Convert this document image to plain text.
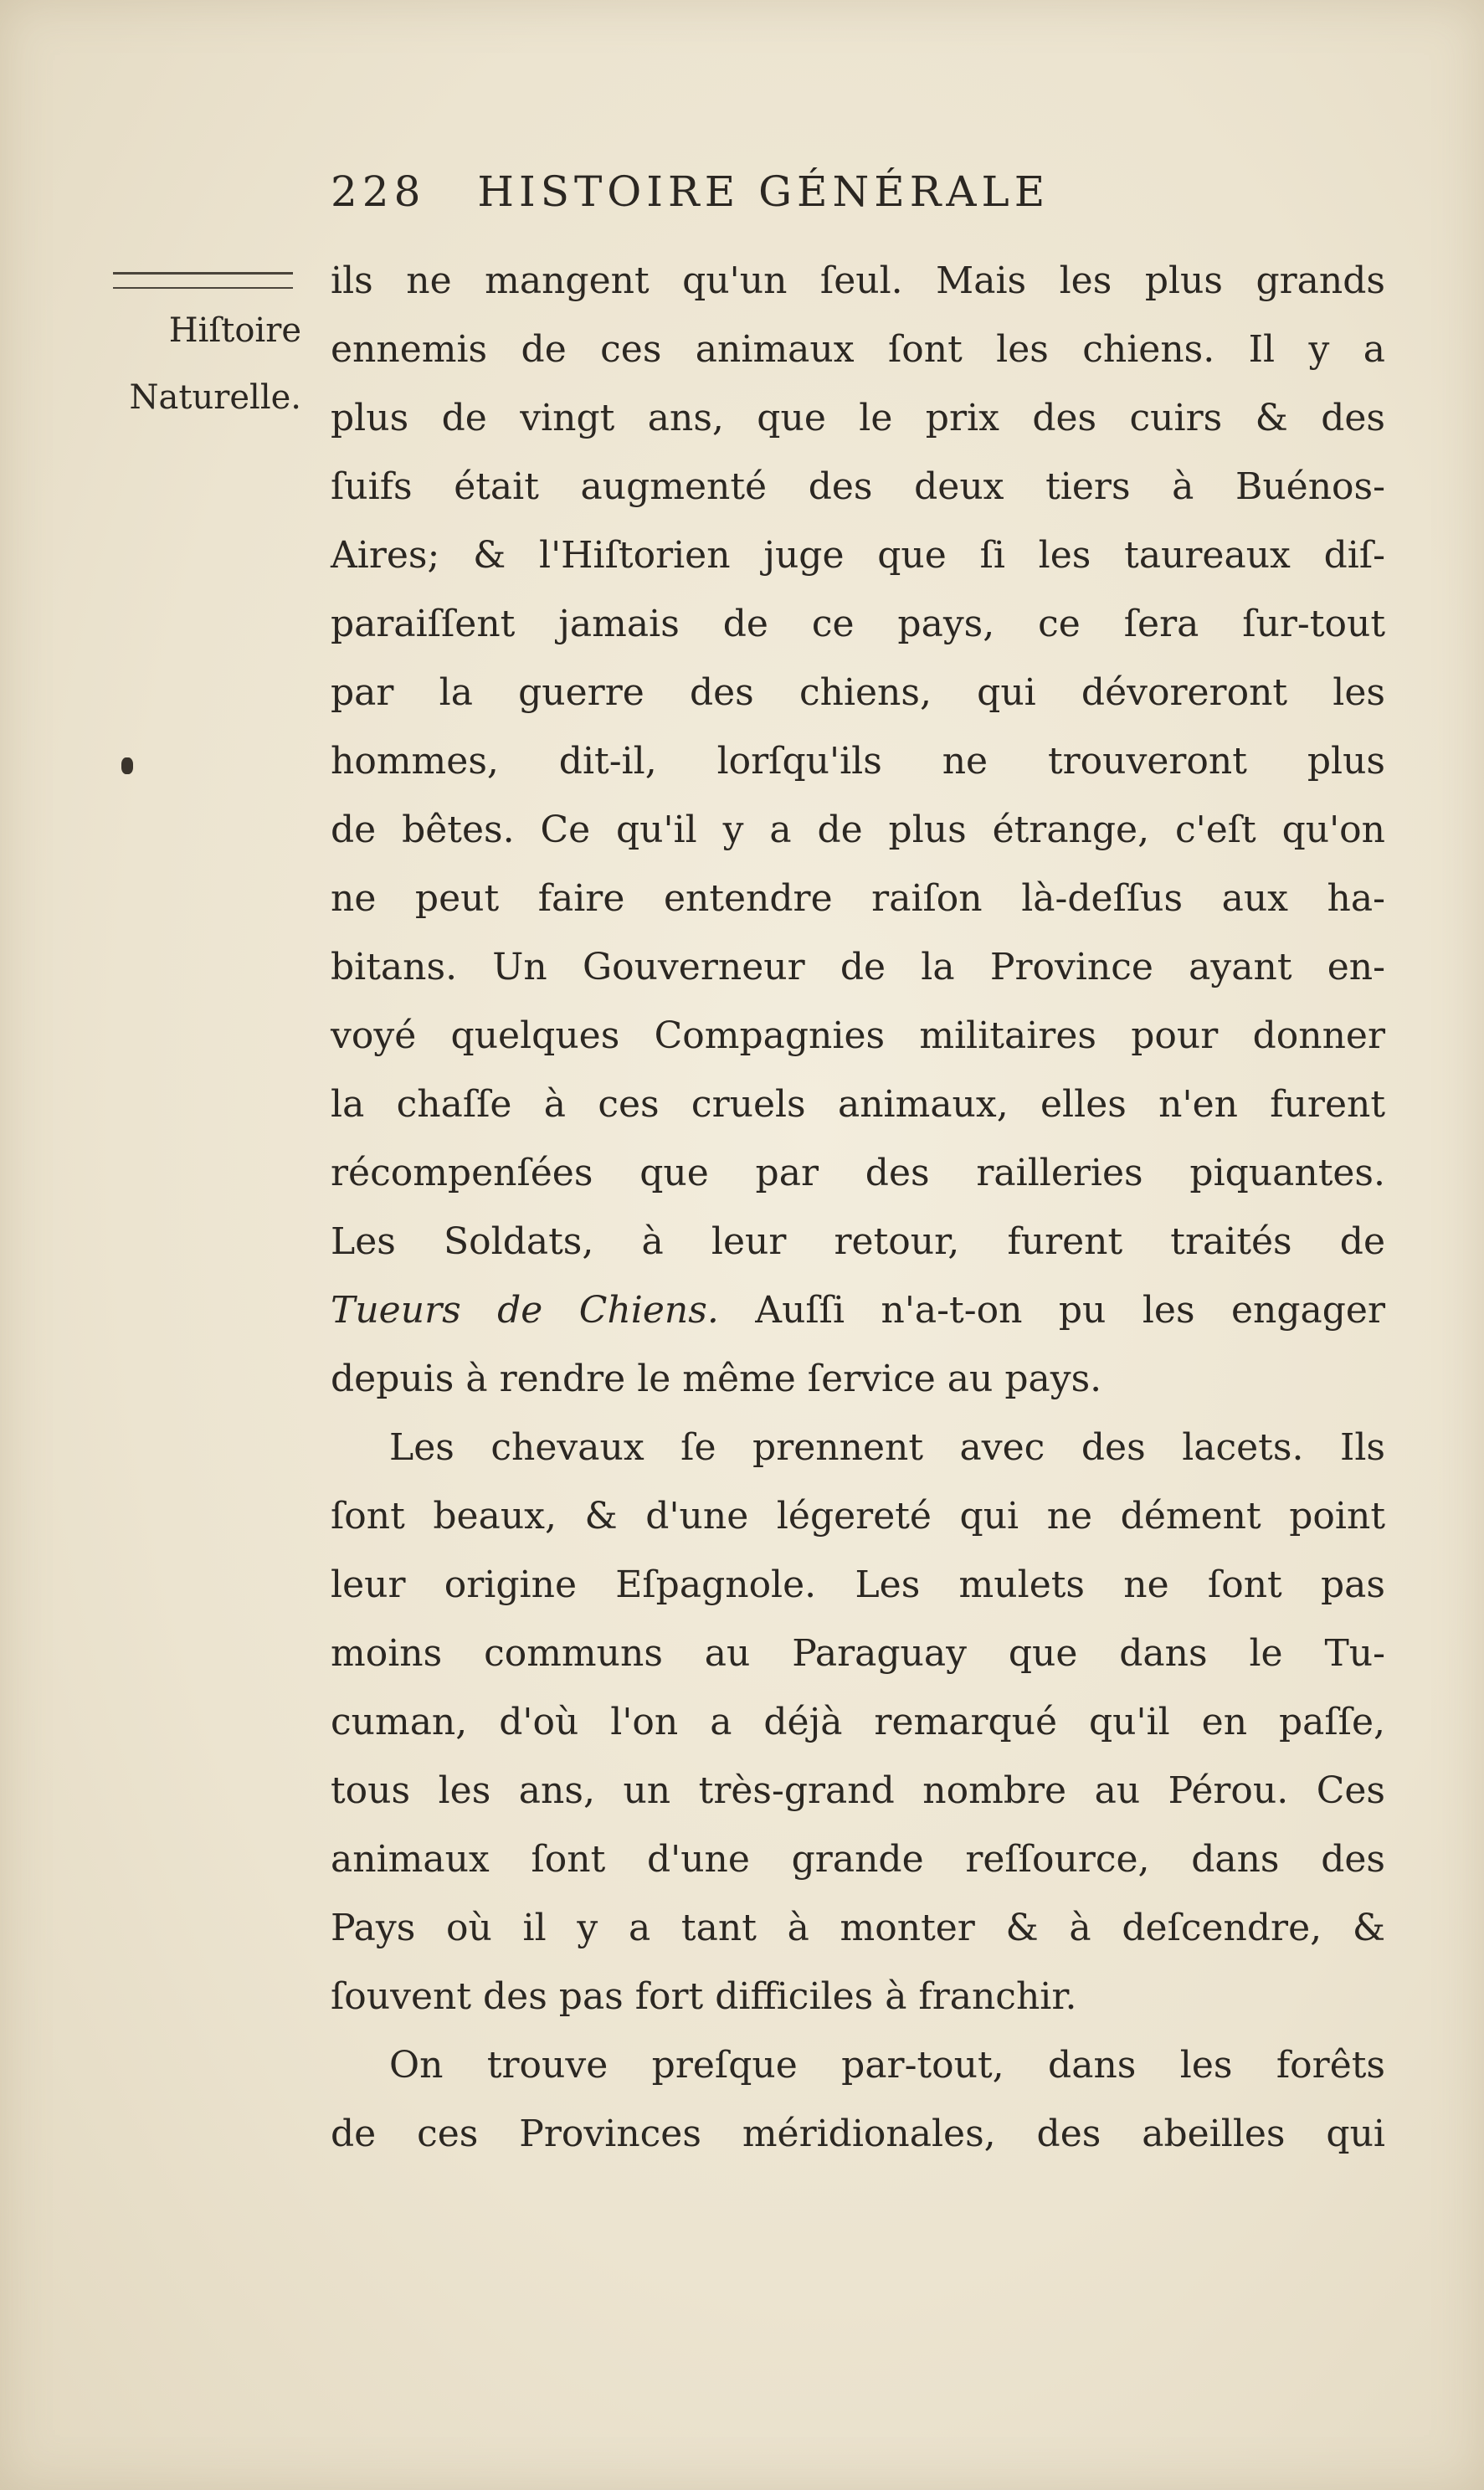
228 HISTOIRE GÉNÉRALE
Hiſtoire
Naturelle.
ils ne mangent qu'un ſeul. Mais les plus grands
ennemis de ces animaux ſont les chiens. Il y a
plus de vingt ans, que le prix des cuirs & des
ſuifs était augmenté des deux tiers à Buénos-
Aires; & l'Hiſtorien juge que ſi les taureaux diſ-
paraiſſent jamais de ce pays, ce ſera ſur-tout
par la guerre des chiens, qui dévoreront les
hommes, dit-il, lorſqu'ils ne trouveront plus
de bêtes. Ce qu'il y a de plus étrange, c'eſt qu'on
ne peut faire entendre raiſon là-deſſus aux ha-
bitans. Un Gouverneur de la Province ayant en-
voyé quelques Compagnies militaires pour donner
la chaſſe à ces cruels animaux, elles n'en furent
récompenſées que par des railleries piquantes.
Les Soldats, à leur retour, furent traités de
Tueurs de Chiens. Auſſi n'a-t-on pu les engager
depuis à rendre le même ſervice au pays.
Les chevaux ſe prennent avec des lacets. Ils
ſont beaux, & d'une légereté qui ne dément point
leur origine Eſpagnole. Les mulets ne ſont pas
moins communs au Paraguay que dans le Tu-
cuman, d'où l'on a déjà remarqué qu'il en paſſe,
tous les ans, un très-grand nombre au Pérou. Ces
animaux ſont d'une grande reſſource, dans des
Pays où il y a tant à monter & à deſcendre, &
ſouvent des pas fort difficiles à franchir.
On trouve preſque par-tout, dans les forêts
de ces Provinces méridionales, des abeilles qui
